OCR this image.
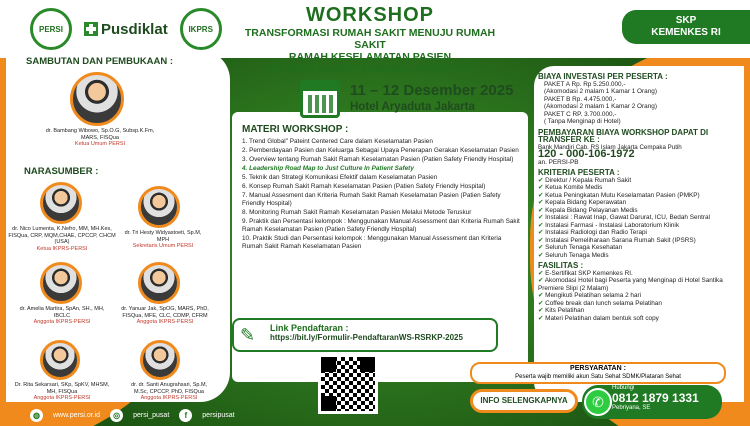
PERSI	Pusdiklat	IKPRS
WORKSHOP
TRANSFORMASI RUMAH SAKIT MENUJU RUMAH SAKIT
RAMAH KESELAMATAN PASIEN
(PATIENT SAFETY FRIENDLY HOSPITAL)
SKP
KEMENKES RI
SAMBUTAN DAN PEMBUKAAN :
dr. Bambang Wibowo, Sp.O.G, Subsp.K.Fm, MARS, FISQua
Ketua Umum PERSI
NARASUMBER :
dr. Tri Hesty Widyastoeti, Sp.M, MPH
Sekretaris Umum PERSI
dr. Nico Lumenta, K.Nefro, MM, MH.Kes, FISQua, CRP, MQM,CHAE, CPCCP, CHCM (USA)
Ketua IKPRS-PERSI
dr. Amelia Martira, SpAn, SH., MH, IBCLC
Anggota IKPRS-PERSI
dr. Yanuar Jak, SpOG, MARS, PhD, FISQua, MFE, CLC, CDMP, CFRM
Anggota IKPRS-PERSI
Dr. Rita Sekarsari, SKp, SpKV, MHSM, MH, FISQua
Anggota IKPRS-PERSI
dr. dr. Santi Anugrahsari, Sp.M, M.Sc, CPCCP, PhD, FISQua
Anggota IKPRS-PERSI
11 – 12 Desember 2025
Hotel Aryaduta Jakarta
MATERI WORKSHOP :
1. Trend Global" Pateint Centered Care dalam Keselamatan Pasien
2. Pemberdayaan Pasien dan Keluarga Sebagai Upaya Penerapan Gerakan Keselamatan Pasien
3. Overview tentang Rumah Sakit Ramah Keselamatan Pasien (Patien Safety Friendly Hospital)
4. Leadership Road Map to Just Culture In Patient Safety
5. Teknik dan Strategi Komunikasi Efektif dalam Keselamatan Pasien
6. Konsep Rumah Sakit Ramah Keselamatan Pasien (Patien Safety Friendly Hospital)
7. Manual Assesment dan Kriteria Rumah Sakit Ramah Keselamatan Pasien (Patien Safety Friendly Hospital)
8. Monitoring Rumah Sakit Ramah Keselamatan Pasien Melalui Metode Teruskur
9. Praktik dan Persentasi kelompok : Menggunakan Manual Assessment dan Kriteria Rumah Sakit Ramah Keselamatan Pasien (Patien Safety Friendly Hospital)
10. Praktik Studi dan Persentasi kelompok : Menggunakan Manual Assessment dan Kriteria Rumah Sakit Ramah Keselamatan Pasien
✎ Link Pendaftaran :
https://bit.ly/Formulir-PendaftaranWS-RSRKP-2025
BIAYA INVESTASI PER PESERTA :
PAKET A Rp. Rp 5.250.000,-
(Akomodasi 2 malam 1 Kamar 1 Orang)
PAKET B Rp. 4.475.000,-
(Akomodasi 2 malam 1 Kamar 2 Orang)
PAKET C RP. 3.700.000,-
( Tanpa Menginap di Hotel)
PEMBAYARAN BIAYA WORKSHOP DAPAT DI TRANSFER KE :
Bank Mandiri Cab. RS Islam Jakarta Cempaka Putih
120 - 000-106-1972
an. PERSI-PB
KRITERIA PESERTA :
✔ Direktur / Kepala Rumah Sakit
✔ Ketua Komite Medis
✔ Ketua Peningkatan Mutu Keselamatan Pasien (PMKP)
✔ Kepala Bidang Keperawatan
✔ Kepala Bidang Pelayanan Medis
✔ Instalasi : Rawat Inap, Gawat Darurat, ICU, Bedah Sentral
✔ Instalasi Farmasi - Instalasi Laboratorium Klinik
✔ Instalasi Radiologi dan Radio Terapi
✔ Instalasi Pemeliharaan Sarana Rumah Sakit (IPSRS)
✔ Seluruh Tenaga Kesehatan
✔ Seluruh Tenaga Medis
FASILITAS :
✔ E-Sertifikat SKP Kemenkes RI.
✔ Akomodasi Hotel bagi Peserta yang Menginap di Hotel Santika Premiere Slipi (2 Malam)
✔ Mengikuti Pelatihan selama 2 hari
✔ Coffee break dan lunch selama Pelatihan
✔ Kits Pelatihan
✔ Materi Pelatihan dalam bentuk soft copy
PERSYARATAN :
Peserta wajib memiliki akun Satu Sehat SDMK/Plataran Sehat
INFO SELENGKAPNYA	✆
Hubungi
0812 1879 1331
Pebriyana, SE
◍	www.persi.or.id	◎	persi_pusat	f	persipusat
